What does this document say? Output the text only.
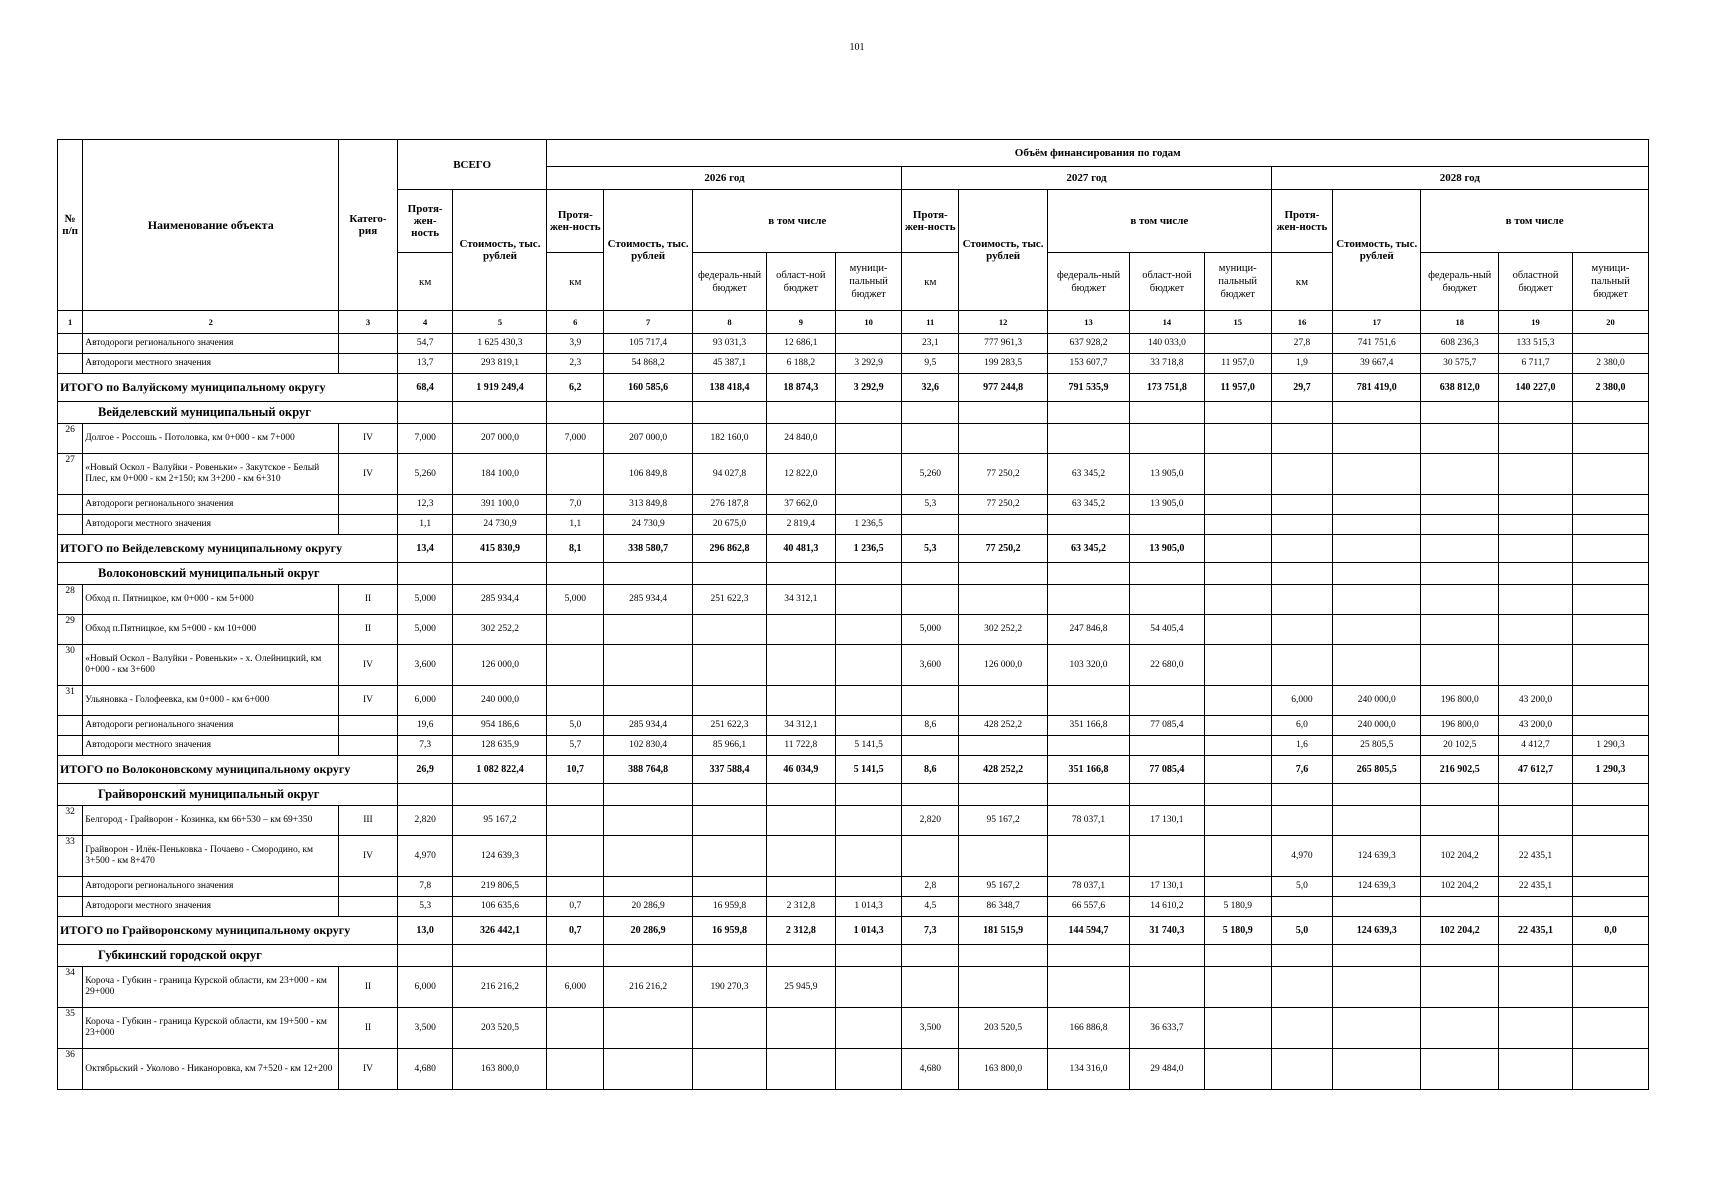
101
№ п/п	Наименование объекта	Катего-рия	ВСЕГО		Объём финансирования по годам														
					2026 год					2027 год					2028 год				
			Протя-жен-ность	Стоимость, тыс. рублей	Протя-жен-ность	Стоимость, тыс. рублей	в том числе			Протя-жен-ность	Стоимость, тыс. рублей	в том числе			Протя-жен-ность	Стоимость, тыс. рублей	в том числе		
			км		км		федераль-ный бюджет	област-ной бюджет	муници-пальный бюджет	км		федераль-ный бюджет	област-ной бюджет	муници-пальный бюджет	км		федераль-ный бюджет	областной бюджет	муници-пальный бюджет
1	2	3	4	5	6	7	8	9	10	11	12	13	14	15	16	17	18	19	20
	Автодороги регионального значения		54,7	1 625 430,3	3,9	105 717,4	93 031,3	12 686,1		23,1	777 961,3	637 928,2	140 033,0		27,8	741 751,6	608 236,3	133 515,3	
	Автодороги местного значения		13,7	293 819,1	2,3	54 868,2	45 387,1	6 188,2	3 292,9	9,5	199 283,5	153 607,7	33 718,8	11 957,0	1,9	39 667,4	30 575,7	6 711,7	2 380,0
ИТОГО по Валуйскому муниципальному округу			68,4	1 919 249,4	6,2	160 585,6	138 418,4	18 874,3	3 292,9	32,6	977 244,8	791 535,9	173 751,8	11 957,0	29,7	781 419,0	638 812,0	140 227,0	2 380,0
Вейделевский муниципальный округ																			
26	Долгое - Россошь - Потоловка, км 0+000 - км 7+000	IV	7,000	207 000,0	7,000	207 000,0	182 160,0	24 840,0											
27	«Новый Оскол - Валуйки - Ровеньки» - Закутское - Белый Плес, км 0+000 - км 2+150; км 3+200 - км 6+310	IV	5,260	184 100,0		106 849,8	94 027,8	12 822,0		5,260	77 250,2	63 345,2	13 905,0						
	Автодороги регионального значения		12,3	391 100,0	7,0	313 849,8	276 187,8	37 662,0		5,3	77 250,2	63 345,2	13 905,0						
	Автодороги местного значения		1,1	24 730,9	1,1	24 730,9	20 675,0	2 819,4	1 236,5										
ИТОГО по Вейделевскому муниципальному округу			13,4	415 830,9	8,1	338 580,7	296 862,8	40 481,3	1 236,5	5,3	77 250,2	63 345,2	13 905,0						
Волоконовский муниципальный округ																			
28	Обход п. Пятницкое, км 0+000 - км 5+000	II	5,000	285 934,4	5,000	285 934,4	251 622,3	34 312,1											
29	Обход п.Пятницкое, км 5+000 - км 10+000	II	5,000	302 252,2						5,000	302 252,2	247 846,8	54 405,4						
30	«Новый Оскол - Валуйки - Ровеньки» - х. Олейницкий, км 0+000 - км 3+600	IV	3,600	126 000,0						3,600	126 000,0	103 320,0	22 680,0						
31	Ульяновка - Голофеевка, км 0+000 - км 6+000	IV	6,000	240 000,0											6,000	240 000,0	196 800,0	43 200,0	
	Автодороги регионального значения		19,6	954 186,6	5,0	285 934,4	251 622,3	34 312,1		8,6	428 252,2	351 166,8	77 085,4		6,0	240 000,0	196 800,0	43 200,0	
	Автодороги местного значения		7,3	128 635,9	5,7	102 830,4	85 966,1	11 722,8	5 141,5						1,6	25 805,5	20 102,5	4 412,7	1 290,3
ИТОГО по Волоконовскому муниципальному округу			26,9	1 082 822,4	10,7	388 764,8	337 588,4	46 034,9	5 141,5	8,6	428 252,2	351 166,8	77 085,4		7,6	265 805,5	216 902,5	47 612,7	1 290,3
Грайворонский муниципальный округ																			
32	Белгород - Грайворон - Козинка, км 66+530 – км 69+350	III	2,820	95 167,2						2,820	95 167,2	78 037,1	17 130,1						
33	Грайворон - Илёк-Пеньковка - Почаево - Смородино, км 3+500 - км 8+470	IV	4,970	124 639,3											4,970	124 639,3	102 204,2	22 435,1	
	Автодороги регионального значения		7,8	219 806,5						2,8	95 167,2	78 037,1	17 130,1		5,0	124 639,3	102 204,2	22 435,1	
	Автодороги местного значения		5,3	106 635,6	0,7	20 286,9	16 959,8	2 312,8	1 014,3	4,5	86 348,7	66 557,6	14 610,2	5 180,9					
ИТОГО по Грайворонскому муниципальному округу			13,0	326 442,1	0,7	20 286,9	16 959,8	2 312,8	1 014,3	7,3	181 515,9	144 594,7	31 740,3	5 180,9	5,0	124 639,3	102 204,2	22 435,1	0,0
Губкинский городской округ																			
34	Короча - Губкин - граница Курской области, км 23+000 - км 29+000	II	6,000	216 216,2	6,000	216 216,2	190 270,3	25 945,9											
35	Короча - Губкин - граница Курской области, км 19+500 - км 23+000	II	3,500	203 520,5						3,500	203 520,5	166 886,8	36 633,7						
36	Октябрьский - Уколово - Никаноровка, км 7+520 - км 12+200	IV	4,680	163 800,0						4,680	163 800,0	134 316,0	29 484,0						
